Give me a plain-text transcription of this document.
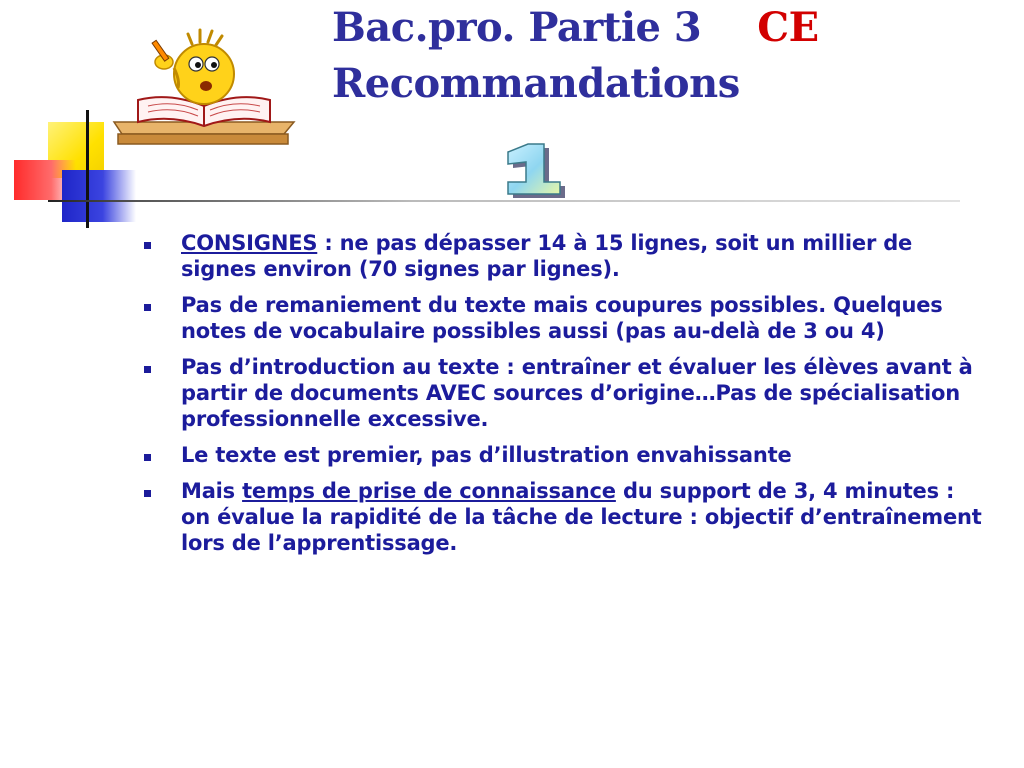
Bac.pro. Partie 3 CE
Recommandations
CONSIGNES : ne pas dépasser 14 à 15 lignes, soit un millier de signes environ (70 signes par lignes).
Pas de remaniement du texte mais coupures possibles. Quelques notes de vocabulaire possibles aussi (pas au-delà de 3 ou 4)
Pas d’introduction au texte : entraîner et évaluer les élèves avant à partir de documents AVEC sources d’origine…Pas de spécialisation professionnelle excessive.
Le texte est premier, pas d’illustration envahissante
Mais temps de prise de connaissance du support de 3, 4 minutes : on évalue la rapidité de la tâche de lecture : objectif d’entraînement lors de l’apprentissage.
